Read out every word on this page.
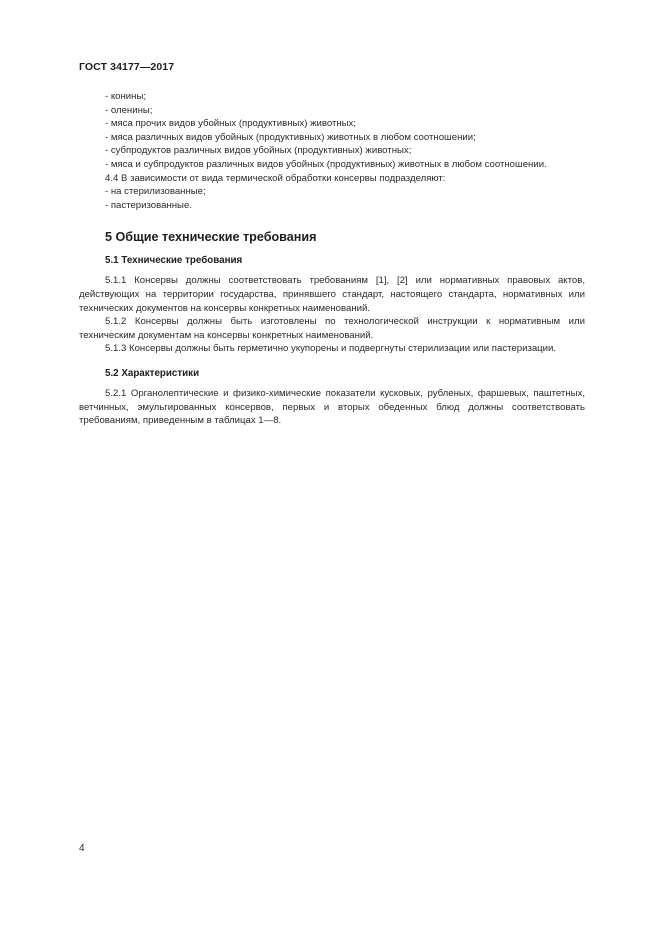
ГОСТ 34177—2017

- конины;

- оленины;

- мяса прочих видов убойных (продуктивных) животных;

- мяса различных видов убойных (продуктивных) животных в любом соотношении;

- субпродуктов различных видов убойных (продуктивных) животных;

- мяса и субпродуктов различных видов убойных (продуктивных) животных в любом соотношении.

4.4 В зависимости от вида термической обработки консервы подразделяют:

- на стерилизованные;

- пастеризованные.

5 Общие технические требования
5.1 Технические требования

5.1.1 Консервы должны соответствовать требованиям [1], [2] или нормативных правовых актов, действующих на территории государства, принявшего стандарт, настоящего стандарта, нормативных или технических документов на консервы конкретных наименований.

5.1.2 Консервы должны быть изготовлены по технологической инструкции к нормативным или техническим документам на консервы конкретных наименований.

5.1.3 Консервы должны быть герметично укупорены и подвергнуты стерилизации или пастеризации.

5.2 Характеристики

5.2.1 Органолептические и физико-химические показатели кусковых, рубленых, фаршевых, паштетных, ветчинных, эмульгированных консервов, первых и вторых обеденных блюд должны соответствовать требованиям, приведенным в таблицах 1—8.

4
